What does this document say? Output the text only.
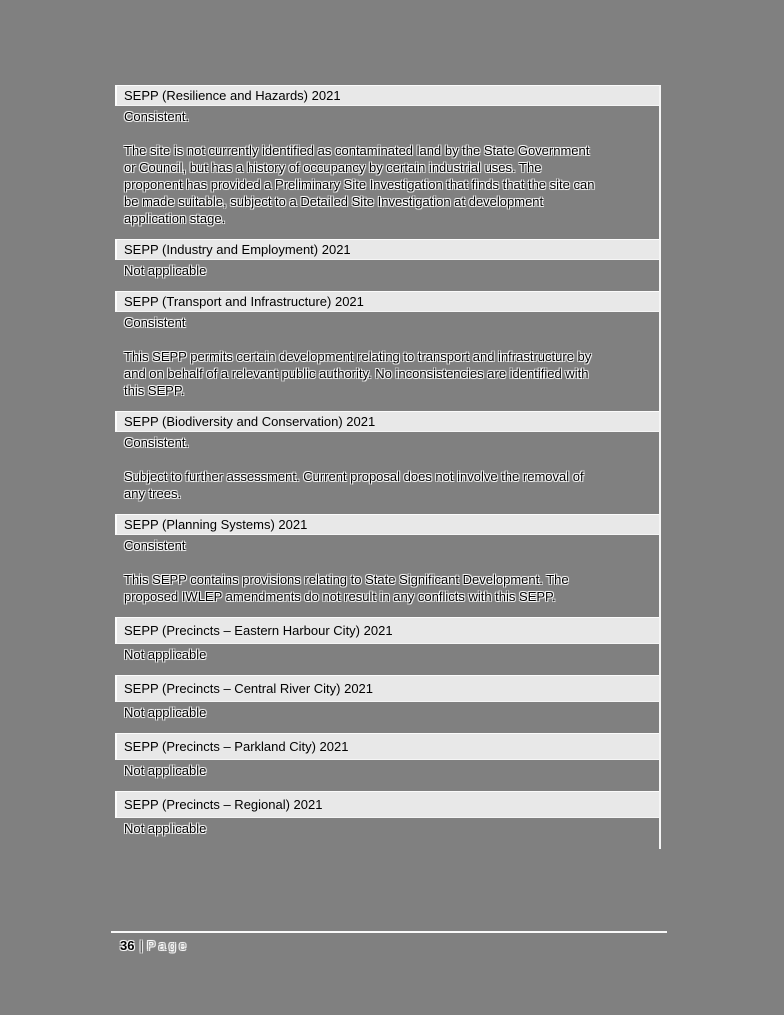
SEPP (Resilience and Hazards) 2021

Consistent.

The site is not currently identified as contaminated land by the State Government
or Council, but has a history of occupancy by certain industrial uses. The
proponent has provided a Preliminary Site Investigation that finds that the site can
be made suitable, subject to a Detailed Site Investigation at development
application stage.

SEPP (Industry and Employment) 2021

Not applicable

SEPP (Transport and Infrastructure) 2021

Consistent

This SEPP permits certain development relating to transport and infrastructure by
and on behalf of a relevant public authority. No inconsistencies are identified with
this SEPP.

SEPP (Biodiversity and Conservation) 2021

Consistent.

Subject to further assessment. Current proposal does not involve the removal of
any trees.

SEPP (Planning Systems) 2021

Consistent

This SEPP contains provisions relating to State Significant Development. The
proposed IWLEP amendments do not result in any conflicts with this SEPP.

SEPP (Precincts – Eastern Harbour City) 2021

Not applicable

SEPP (Precincts – Central River City) 2021

Not applicable

SEPP (Precincts – Parkland City) 2021

Not applicable

SEPP (Precincts – Regional) 2021

Not applicable

36 | Page
